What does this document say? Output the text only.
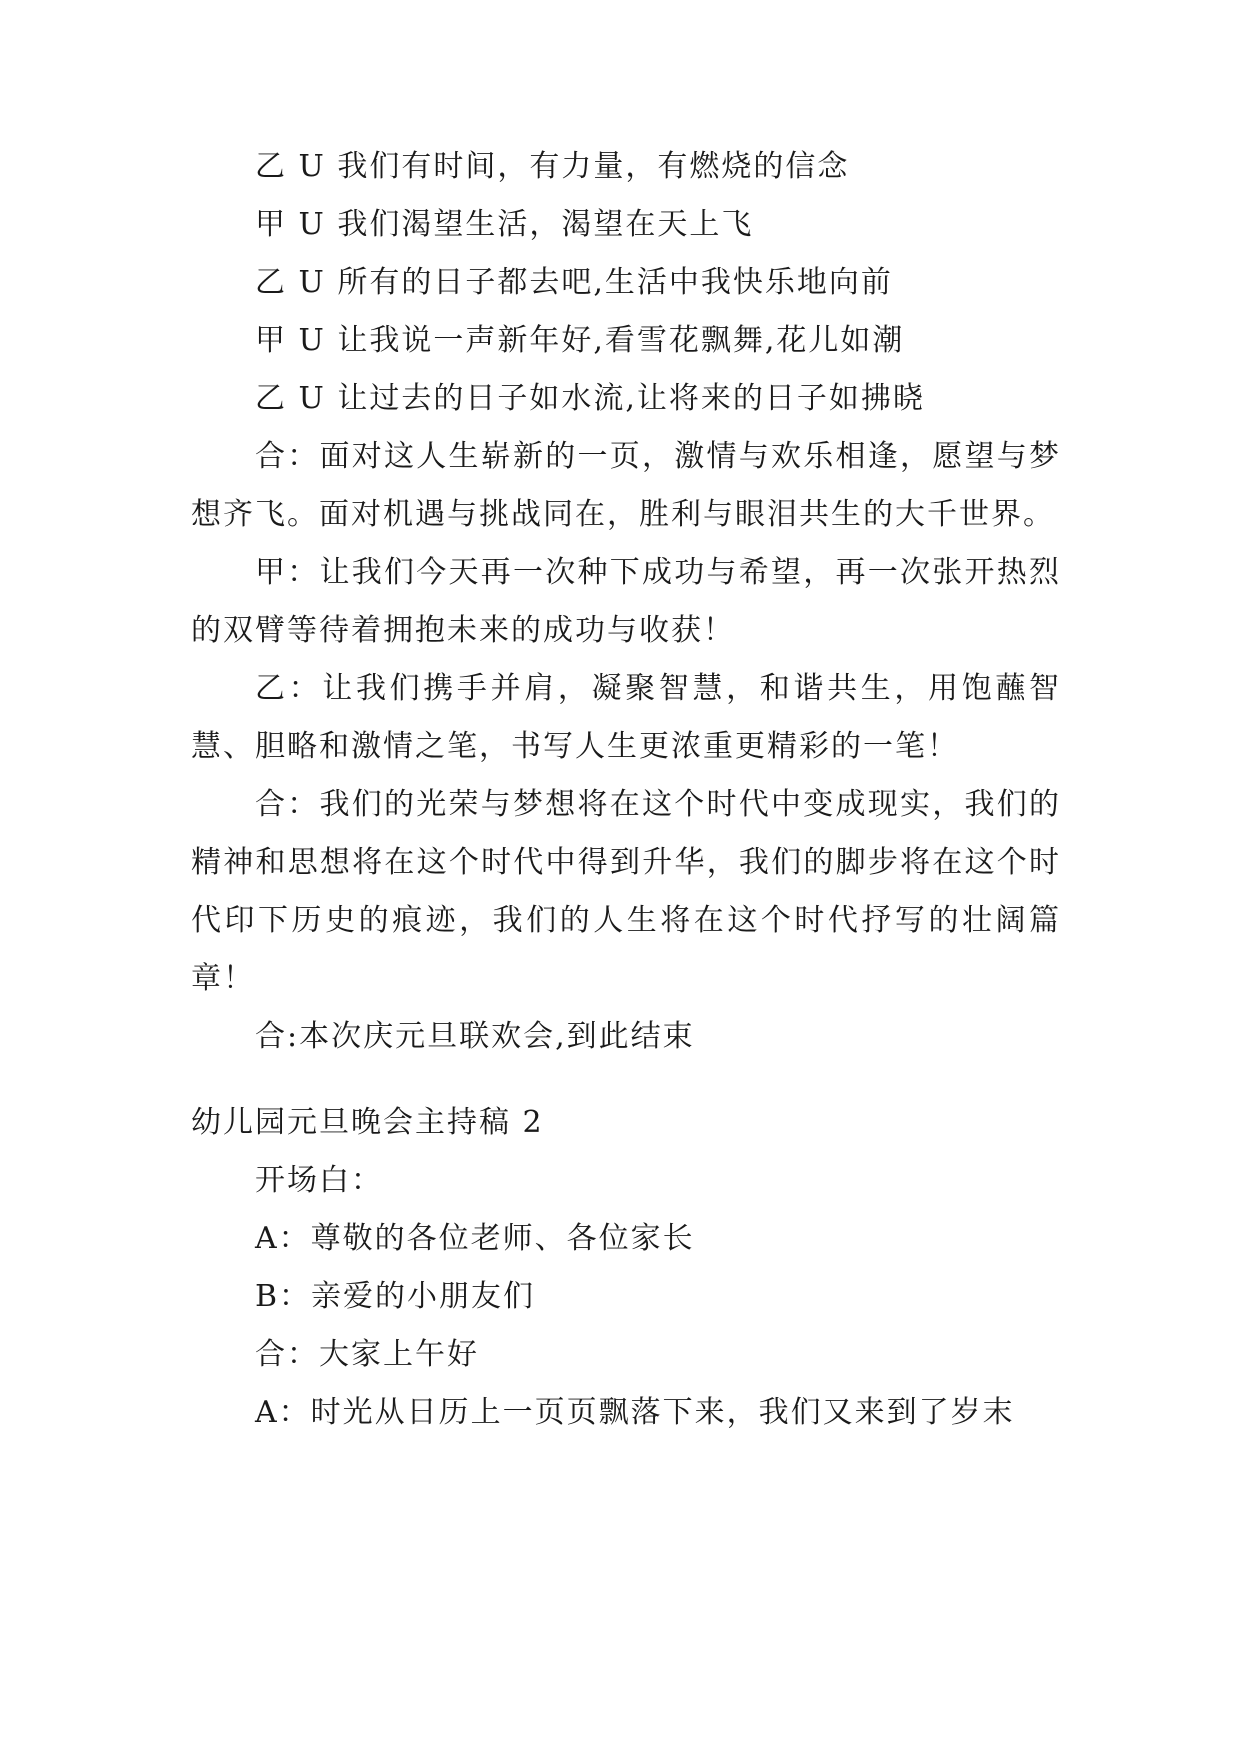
乙 U 我们有时间，有力量，有燃烧的信念

甲 U 我们渴望生活，渴望在天上飞

乙 U 所有的日子都去吧,生活中我快乐地向前

甲 U 让我说一声新年好,看雪花飘舞,花儿如潮

乙 U 让过去的日子如水流,让将来的日子如拂晓

合：面对这人生崭新的一页，激情与欢乐相逢，愿望与梦想齐飞。面对机遇与挑战同在，胜利与眼泪共生的大千世界。

甲：让我们今天再一次种下成功与希望，再一次张开热烈的双臂等待着拥抱未来的成功与收获！

乙：让我们携手并肩，凝聚智慧，和谐共生，用饱蘸智慧、胆略和激情之笔，书写人生更浓重更精彩的一笔！

合：我们的光荣与梦想将在这个时代中变成现实，我们的精神和思想将在这个时代中得到升华，我们的脚步将在这个时代印下历史的痕迹，我们的人生将在这个时代抒写的壮阔篇章！

合:本次庆元旦联欢会,到此结束

幼儿园元旦晚会主持稿 2

开场白：

A：尊敬的各位老师、各位家长

B：亲爱的小朋友们

合：大家上午好

A：时光从日历上一页页飘落下来，我们又来到了岁末
